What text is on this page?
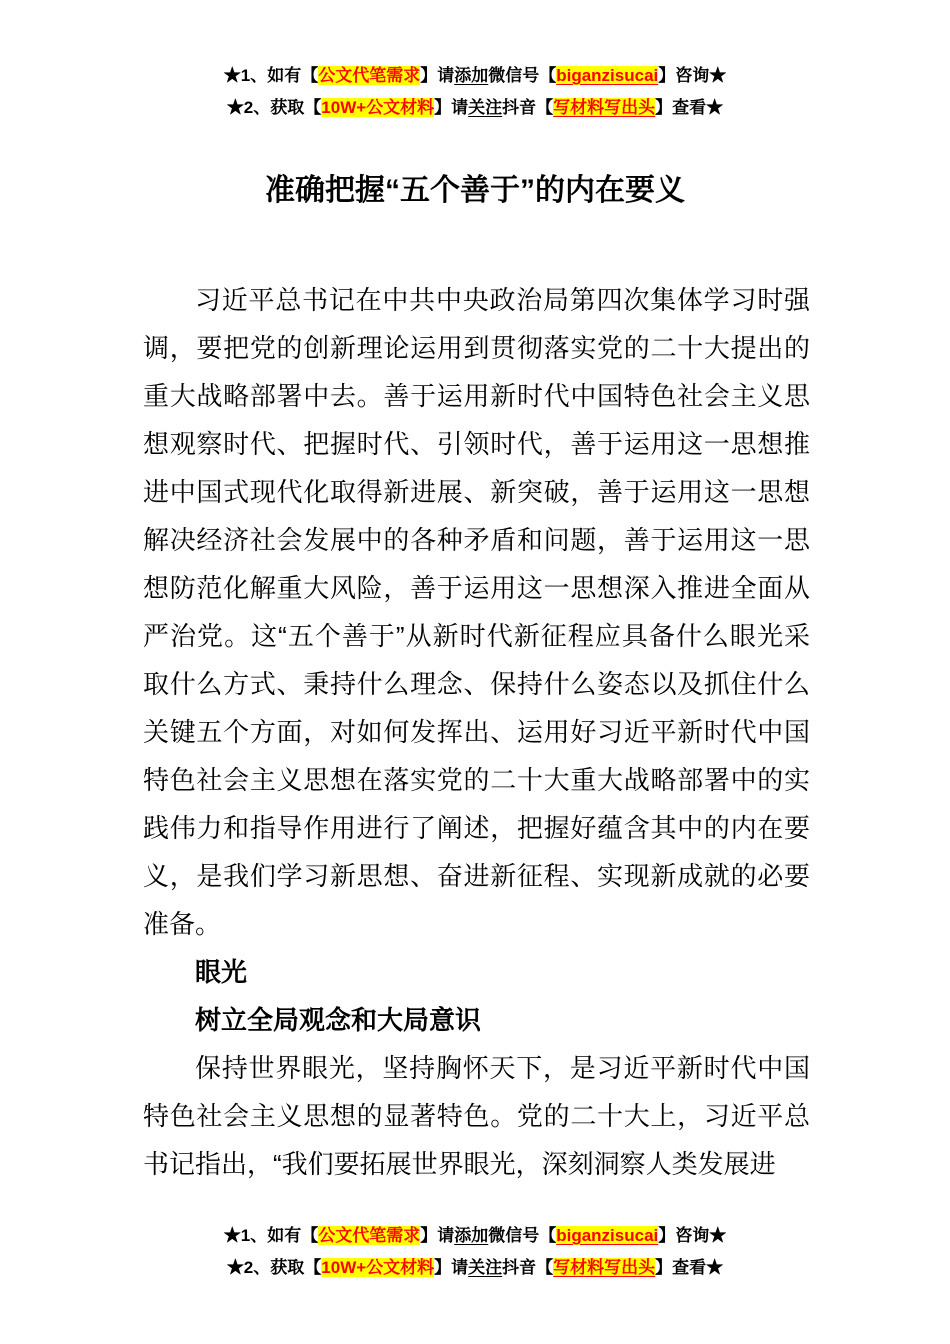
★1、如有【公文代笔需求】请添加微信号【biganzisucai】咨询★
★2、获取【10W+公文材料】请关注抖音【写材料写出头】查看★
准确把握“五个善于”的内在要义

习近平总书记在中共中央政治局第四次集体学习时强调，要把党的创新理论运用到贯彻落实党的二十大提出的重大战略部署中去。善于运用新时代中国特色社会主义思想观察时代、把握时代、引领时代，善于运用这一思想推进中国式现代化取得新进展、新突破，善于运用这一思想解决经济社会发展中的各种矛盾和问题，善于运用这一思想防范化解重大风险，善于运用这一思想深入推进全面从严治党。这“五个善于”从新时代新征程应具备什么眼光采取什么方式、秉持什么理念、保持什么姿态以及抓住什么关键五个方面，对如何发挥出、运用好习近平新时代中国特色社会主义思想在落实党的二十大重大战略部署中的实践伟力和指导作用进行了阐述，把握好蕴含其中的内在要义，是我们学习新思想、奋进新征程、实现新成就的必要准备。

眼光
树立全局观念和大局意识

保持世界眼光，坚持胸怀天下，是习近平新时代中国特色社会主义思想的显著特色。党的二十大上，习近平总书记指出，“我们要拓展世界眼光，深刻洞察人类发展进

★1、如有【公文代笔需求】请添加微信号【biganzisucai】咨询★
★2、获取【10W+公文材料】请关注抖音【写材料写出头】查看★
